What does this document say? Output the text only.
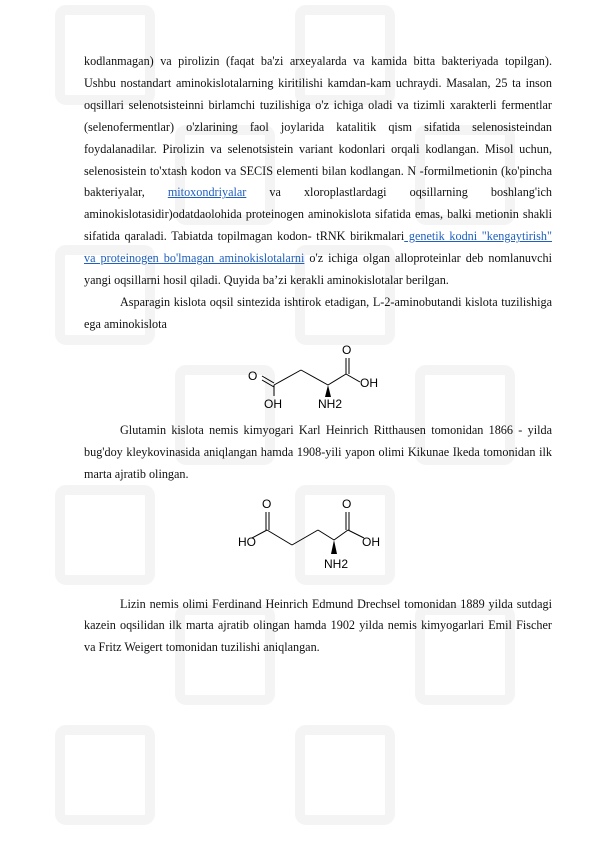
kodlanmagan) va pirolizin (faqat ba'zi arxeyalarda va kamida bitta bakteriyada topilgan). Ushbu nostandart aminokislotalarning kiritilishi kamdan-kam uchraydi. Masalan, 25 ta inson oqsillari selenotsisteinni birlamchi tuzilishiga o'z ichiga oladi va tizimli xarakterli fermentlar (selenofermentlar) o'zlarining faol joylarida katalitik qism sifatida selenosisteindan foydalanadilar. Pirolizin va selenotsistein variant kodonlari orqali kodlangan. Misol uchun, selenosistein to'xtash kodon va SECIS elementi bilan kodlangan. N -formilmetionin (ko'pincha bakteriyalar, mitoxondriyalar va xloroplastlardagi oqsillarning boshlang'ich aminokislotasidir)odatdaolohida proteinogen aminokislota sifatida emas, balki metionin shakli sifatida qaraladi. Tabiatda topilmagan kodon- tRNK birikmalari genetik kodni "kengaytirish" va proteinogen bo'lmagan aminokislotalarni o'z ichiga olgan alloproteinlar deb nomlanuvchi yangi oqsillarni hosil qiladi. Quyida ba’zi kerakli aminokislotalar berilgan.

Asparagin kislota oqsil sintezida ishtirok etadigan, L-2-aminobutandi kislota tuzilishiga ega aminokislota

O
O
OH
OH
NH2

Glutamin kislota nemis kimyogari Karl Heinrich Ritthausen tomonidan 1866 - yilda bug'doy kleykovinasida aniqlangan hamda 1908-yili yapon olimi Kikunae Ikeda tomonidan ilk marta ajratib olingan.

O	O
HO	OH
NH2

Lizin nemis olimi Ferdinand Heinrich Edmund Drechsel tomonidan 1889 yilda sutdagi kazein oqsilidan ilk marta ajratib olingan hamda 1902 yilda nemis kimyogarlari Emil Fischer va Fritz Weigert tomonidan tuzilishi aniqlangan.
